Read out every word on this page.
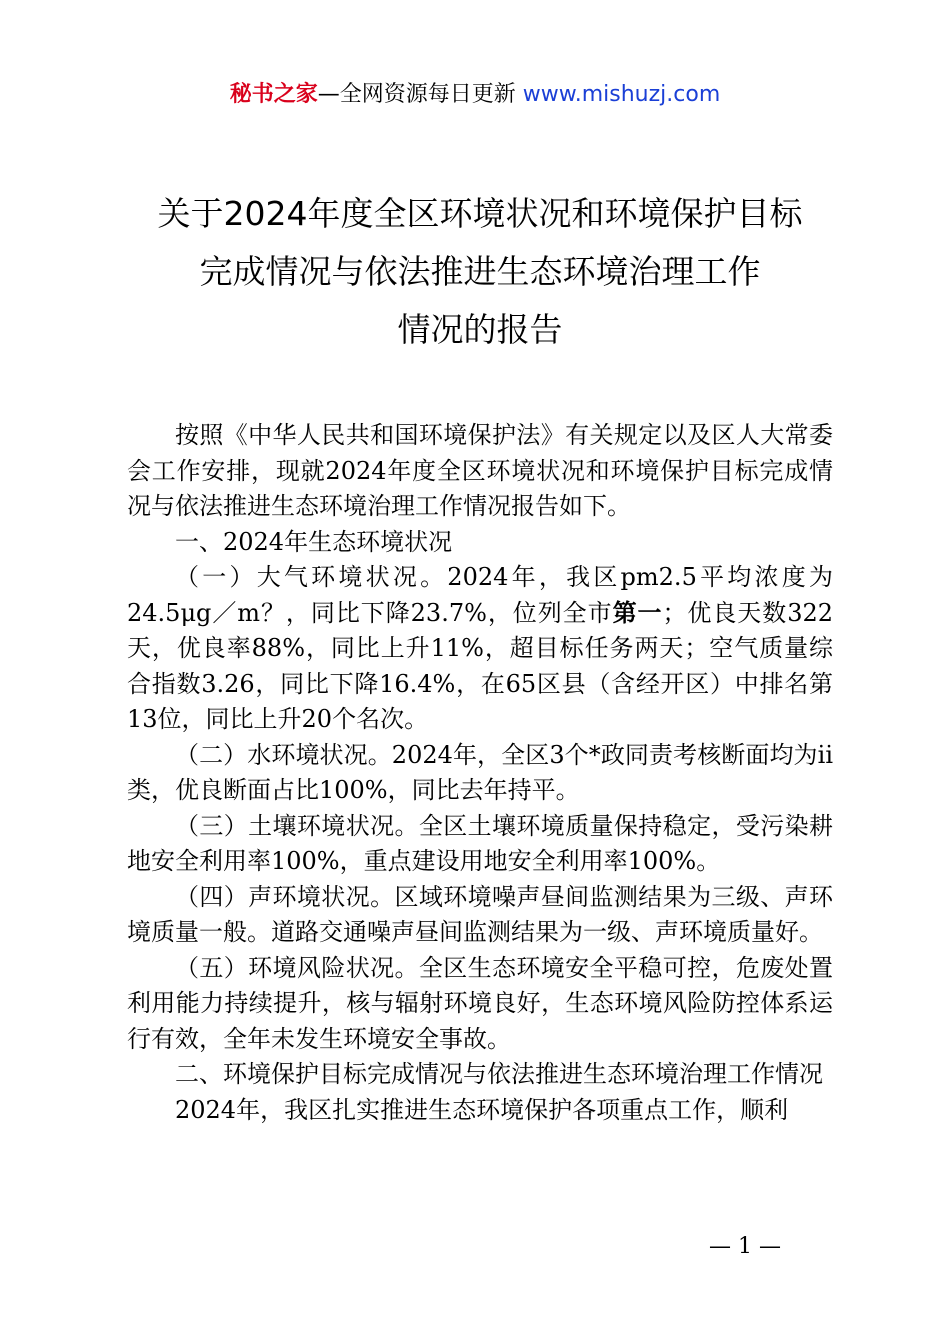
秘书之家—全网资源每日更新 www.mishuzj.com
关于2024年度全区环境状况和环境保护目标
完成情况与依法推进生态环境治理工作
情况的报告

按照《中华人民共和国环境保护法》有关规定以及区人大常委会工作安排，现就2024年度全区环境状况和环境保护目标完成情况与依法推进生态环境治理工作情况报告如下。

一、2024年生态环境状况

（一）大气环境状况。2024年，我区pm2.5平均浓度为24.5μg／m？，同比下降23.7%，位列全市第一；优良天数322天，优良率88%，同比上升11%，超目标任务两天；空气质量综合指数3.26，同比下降16.4%，在65区县（含经开区）中排名第13位，同比上升20个名次。

（二）水环境状况。2024年，全区3个*政同责考核断面均为ii类，优良断面占比100%，同比去年持平。

（三）土壤环境状况。全区土壤环境质量保持稳定，受污染耕地安全利用率100%，重点建设用地安全利用率100%。

（四）声环境状况。区域环境噪声昼间监测结果为三级、声环境质量一般。道路交通噪声昼间监测结果为一级、声环境质量好。

（五）环境风险状况。全区生态环境安全平稳可控，危废处置利用能力持续提升，核与辐射环境良好，生态环境风险防控体系运行有效，全年未发生环境安全事故。

二、环境保护目标完成情况与依法推进生态环境治理工作情况

2024年，我区扎实推进生态环境保护各项重点工作，顺利

— 1 —
